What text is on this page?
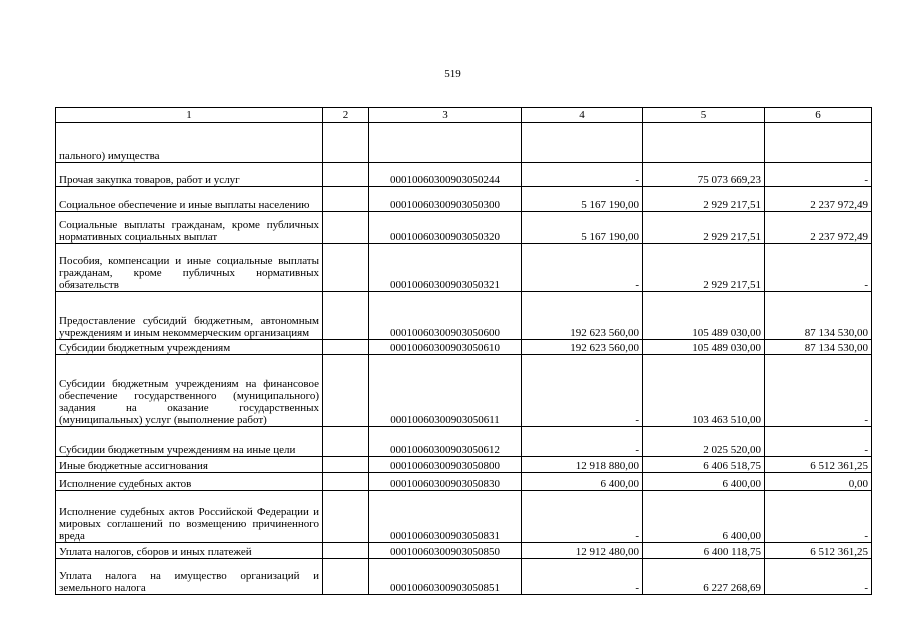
519
1	2	3	4	5	6
пального) имущества					
Прочая закупка товаров, работ и услуг		00010060300903050244	-	75 073 669,23	-
Социальное обеспечение и иные выплаты населению		00010060300903050300	5 167 190,00	2 929 217,51	2 237 972,49
Социальные выплаты гражданам, кроме публичных нормативных социальных выплат		00010060300903050320	5 167 190,00	2 929 217,51	2 237 972,49
Пособия, компенсации и иные социальные выплаты гражданам, кроме публичных нормативных обязательств		00010060300903050321	-	2 929 217,51	-
Предоставление субсидий бюджетным, автономным учреждениям и иным некоммерческим организациям		00010060300903050600	192 623 560,00	105 489 030,00	87 134 530,00
Субсидии бюджетным учреждениям		00010060300903050610	192 623 560,00	105 489 030,00	87 134 530,00
Субсидии бюджетным учреждениям на финансовое обеспечение государственного (муниципального) задания на оказание государственных (муниципальных) услуг (выполнение работ)		00010060300903050611	-	103 463 510,00	-
Субсидии бюджетным учреждениям на иные цели		00010060300903050612	-	2 025 520,00	-
Иные бюджетные ассигнования		00010060300903050800	12 918 880,00	6 406 518,75	6 512 361,25
Исполнение судебных актов		00010060300903050830	6 400,00	6 400,00	0,00
Исполнение судебных актов Российской Федерации и мировых соглашений по возмещению причиненного вреда		00010060300903050831	-	6 400,00	-
Уплата налогов, сборов и иных платежей		00010060300903050850	12 912 480,00	6 400 118,75	6 512 361,25
Уплата налога на имущество организаций и земельного налога		00010060300903050851	-	6 227 268,69	-
